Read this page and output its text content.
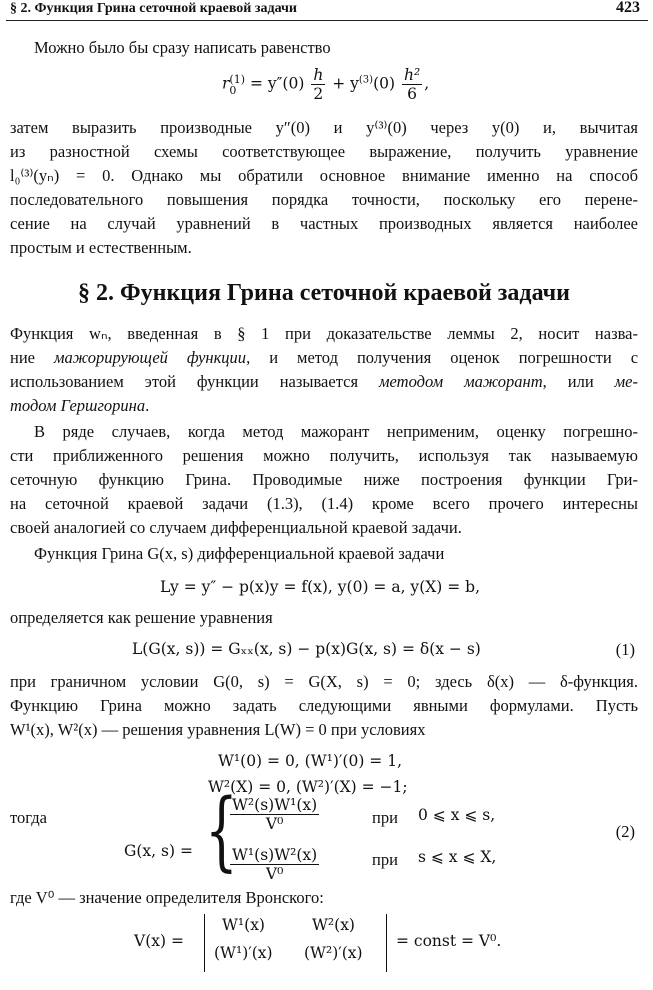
§ 2. Функция Грина сеточной краевой задачи	423
Можно было бы сразу написать равенство
r (1)
$0 = y''(0) \frac{h}{2} + y^{(3)}(0) \frac{\text{h²}}{6}$ ,
затем выразить производные y″(0) и y⁽³⁾(0) через y(0) и, вычитая
из разностной схемы соответствующее выражение, получить уравнение
l₀⁽³⁾(yₙ) = 0. Однако мы обратили основное внимание именно на способ
последовательного повышения порядка точности, поскольку его перене-
сение на случай уравнений в частных производных является наиболее
простым и естественным.
§ 2. Функция Грина сеточной краевой задачи
Функция wₙ, введенная в § 1 при доказательстве леммы 2, носит назва-
ние мажорирующей функции, и метод получения оценок погрешности с
использованием этой функции называется методом мажорант, или ме-
тодом Гершгорина.
В ряде случаев, когда метод мажорант неприменим, оценку погрешно-
сти приближенного решения можно получить, используя так называемую
сеточную функцию Грина. Проводимые ниже построения функции Гри-
на сеточной краевой задачи (1.3), (1.4) кроме всего прочего интересны
своей аналогией со случаем дифференциальной краевой задачи.
Функция Грина G(x, s) дифференциальной краевой задачи
Ly = y″ − p(x)y = f(x), y(0) = a, y(X) = b,
определяется как решение уравнения
L(G(x, s)) = Gₓₓ(x, s) − p(x)G(x, s) = δ(x − s)	(1)
при граничном условии G(0, s) = G(X, s) = 0; здесь δ(x) — δ-функция.
Функцию Грина можно задать следующими явными формулами. Пусть
W¹(x), W²(x) — решения уравнения L(W) = 0 при условиях
W¹(0) = 0, (W¹)′(0) = 1,
W²(X) = 0, (W²)′(X) = −1;
тогда
G(x, s) = {
$\frac{\text{W²(s)W¹(x)}}{\text{V⁰}}$	при 0 ⩽ x ⩽ s,
$\frac{\text{W¹(s)W²(x)}}{\text{V⁰}}$	при s ⩽ x ⩽ X,
(2)
где V⁰ — значение определителя Вронского:
V(x) =
W¹(x)	W²(x)
(W¹)′(x) (W²)′(x)
= const = V⁰.
